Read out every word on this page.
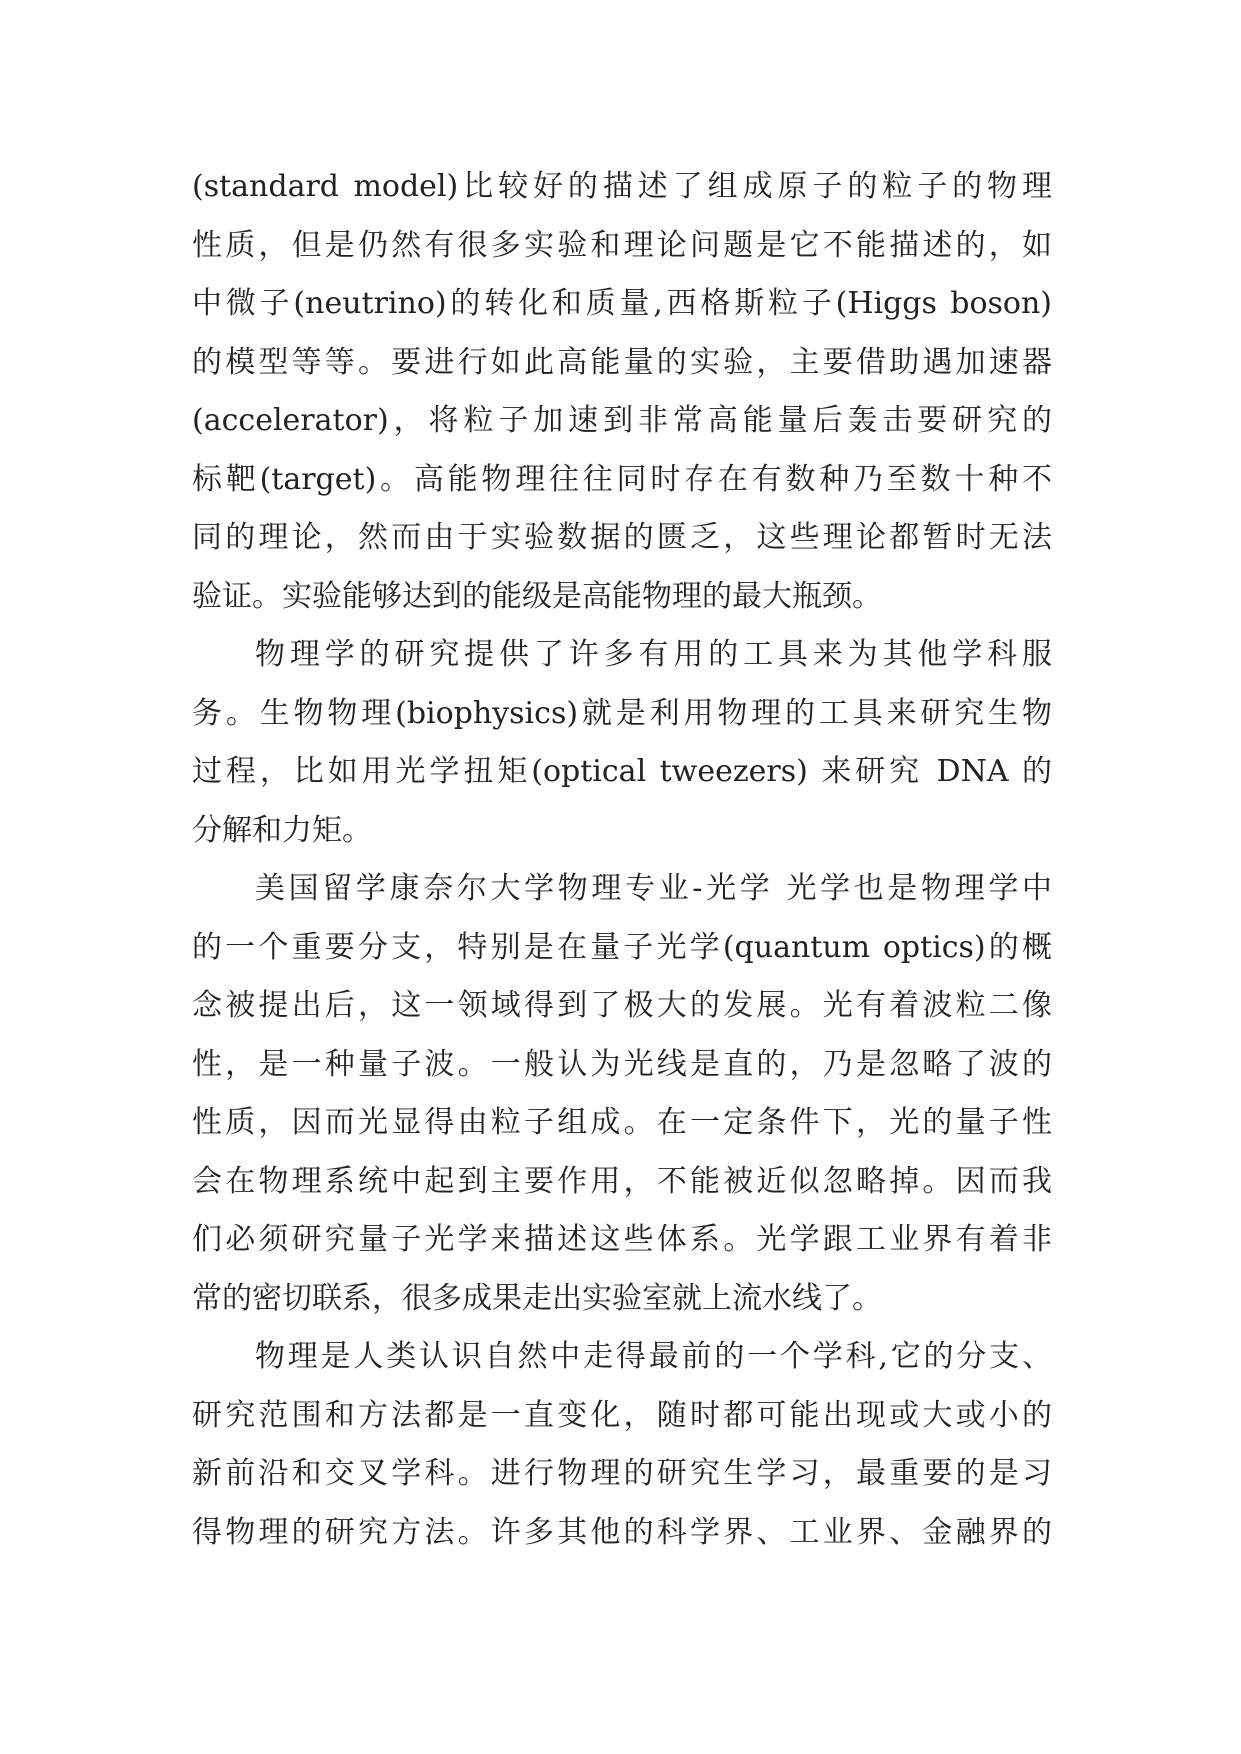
(standard model)比较好的描述了组成原子的粒子的物理
性质，但是仍然有很多实验和理论问题是它不能描述的，如
中微子(neutrino)的转化和质量,西格斯粒子(Higgs boson)
的模型等等。要进行如此高能量的实验，主要借助遇加速器
(accelerator)，将粒子加速到非常高能量后轰击要研究的
标靶(target)。高能物理往往同时存在有数种乃至数十种不
同的理论，然而由于实验数据的匮乏，这些理论都暂时无法
验证。实验能够达到的能级是高能物理的最大瓶颈。
物理学的研究提供了许多有用的工具来为其他学科服
务。生物物理(biophysics)就是利用物理的工具来研究生物
过程，比如用光学扭矩(optical tweezers) 来研究 DNA 的
分解和力矩。
美国留学康奈尔大学物理专业-光学 光学也是物理学中
的一个重要分支，特别是在量子光学(quantum optics)的概
念被提出后，这一领域得到了极大的发展。光有着波粒二像
性，是一种量子波。一般认为光线是直的，乃是忽略了波的
性质，因而光显得由粒子组成。在一定条件下，光的量子性
会在物理系统中起到主要作用，不能被近似忽略掉。因而我
们必须研究量子光学来描述这些体系。光学跟工业界有着非
常的密切联系，很多成果走出实验室就上流水线了。
物理是人类认识自然中走得最前的一个学科,它的分支、
研究范围和方法都是一直变化，随时都可能出现或大或小的
新前沿和交叉学科。进行物理的研究生学习，最重要的是习
得物理的研究方法。许多其他的科学界、工业界、金融界的
